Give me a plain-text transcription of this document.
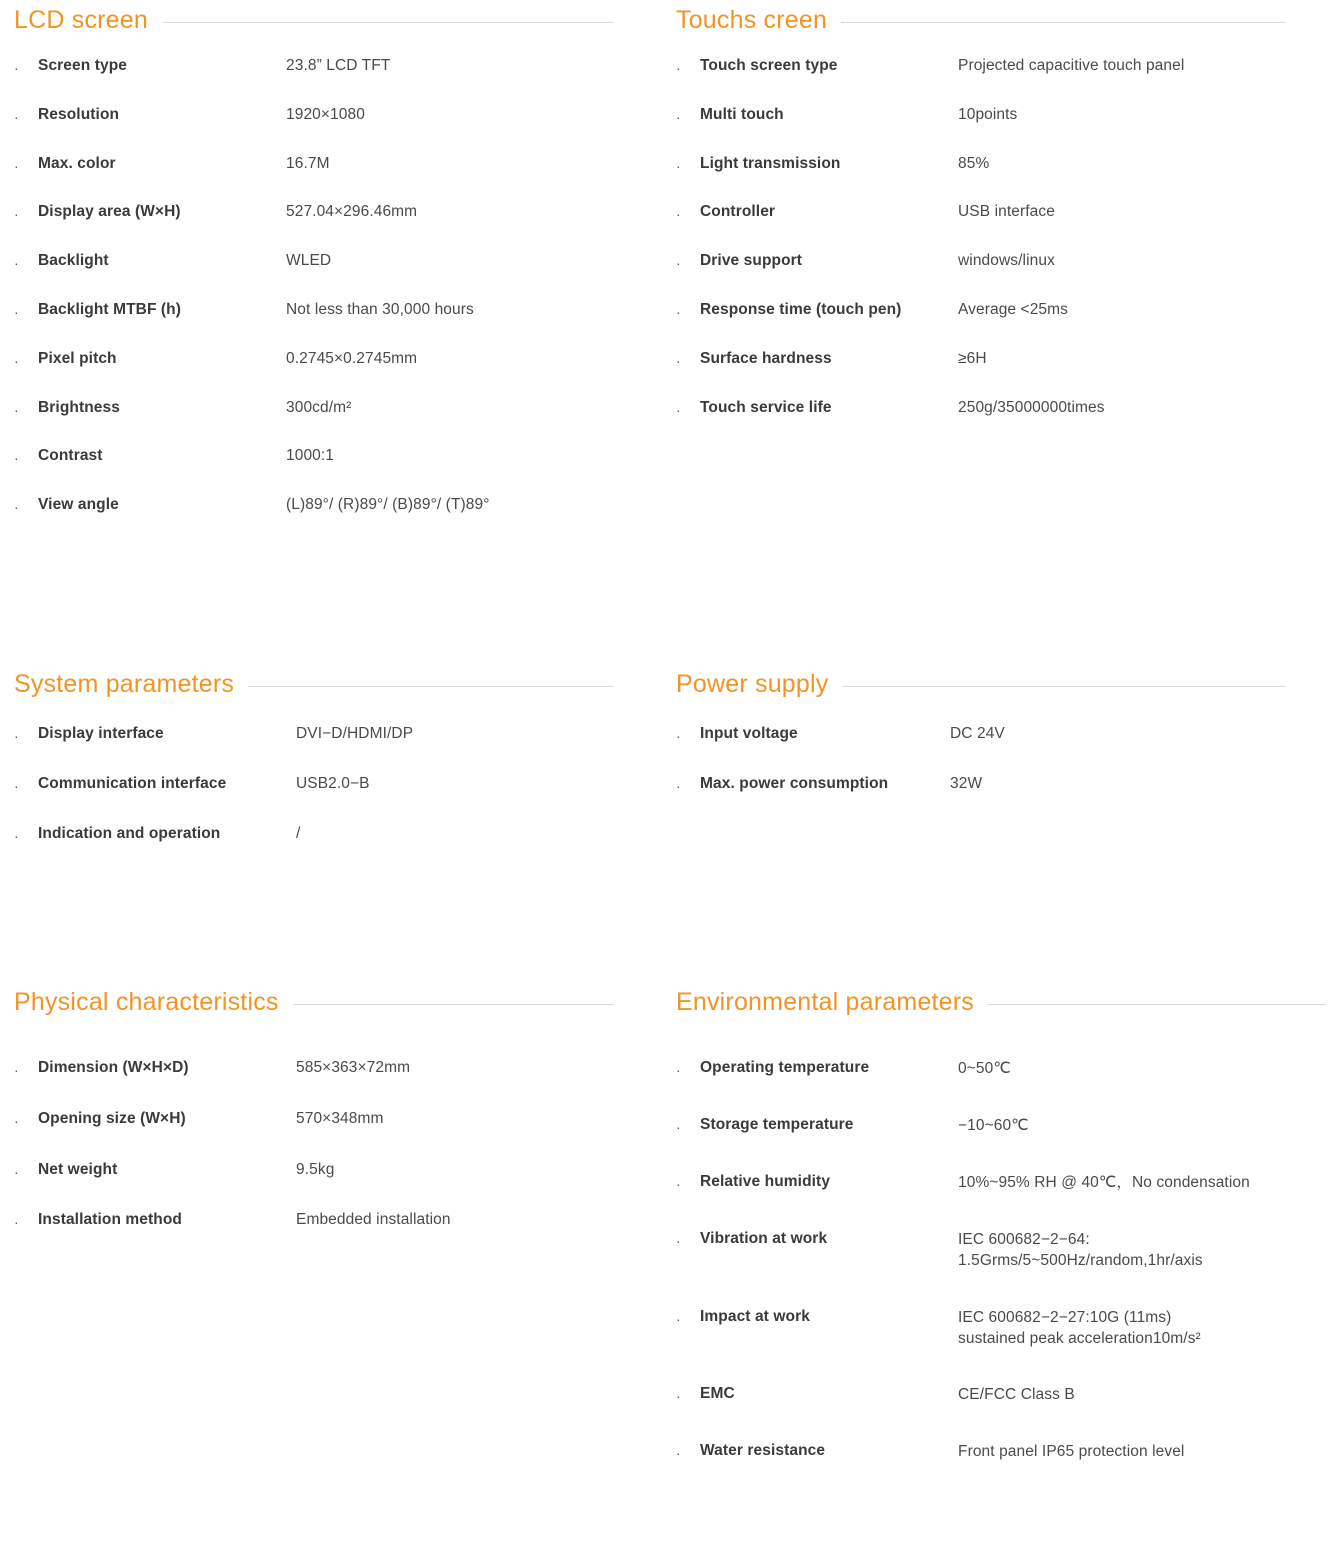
LCD screen
·	Screen type	23.8” LCD TFT

·	Resolution	1920×1080

·	Max. color	16.7M

·	Display area (W×H)	527.04×296.46mm

·	Backlight	WLED

·	Backlight MTBF (h)	Not less than 30,000 hours

·	Pixel pitch	0.2745×0.2745mm

·	Brightness	300cd/m²

·	Contrast	1000:1

·	View angle	(L)89°/ (R)89°/ (B)89°/ (T)89°
Touchs creen
·	Touch screen type	Projected capacitive touch panel

·	Multi touch	10points

·	Light transmission	85%

·	Controller	USB interface

·	Drive support	windows/linux

·	Response time (touch pen)	Average <25ms

·	Surface hardness	≥6H

·	Touch service life	250g/35000000times
System parameters
·	Display interface	DVI−D/HDMI/DP

·	Communication interface	USB2.0−B

·	Indication and operation	/
Power supply
·	Input voltage	DC 24V

·	Max. power consumption	32W
Physical characteristics
·	Dimension (W×H×D)	585×363×72mm

·	Opening size (W×H)	570×348mm

·	Net weight	9.5kg

·	Installation method	Embedded installation
Environmental parameters
·	Operating temperature	0~50℃

·	Storage temperature	−10~60℃

·	Relative humidity	10%~95% RH @ 40℃，No condensation

·	Vibration at work	IEC 600682−2−64:
1.5Grms/5~500Hz/random,1hr/axis

·	Impact at work	IEC 600682−2−27:10G (11ms)
sustained peak acceleration10m/s²

·	EMC	CE/FCC Class B

·	Water resistance	Front panel IP65 protection level
